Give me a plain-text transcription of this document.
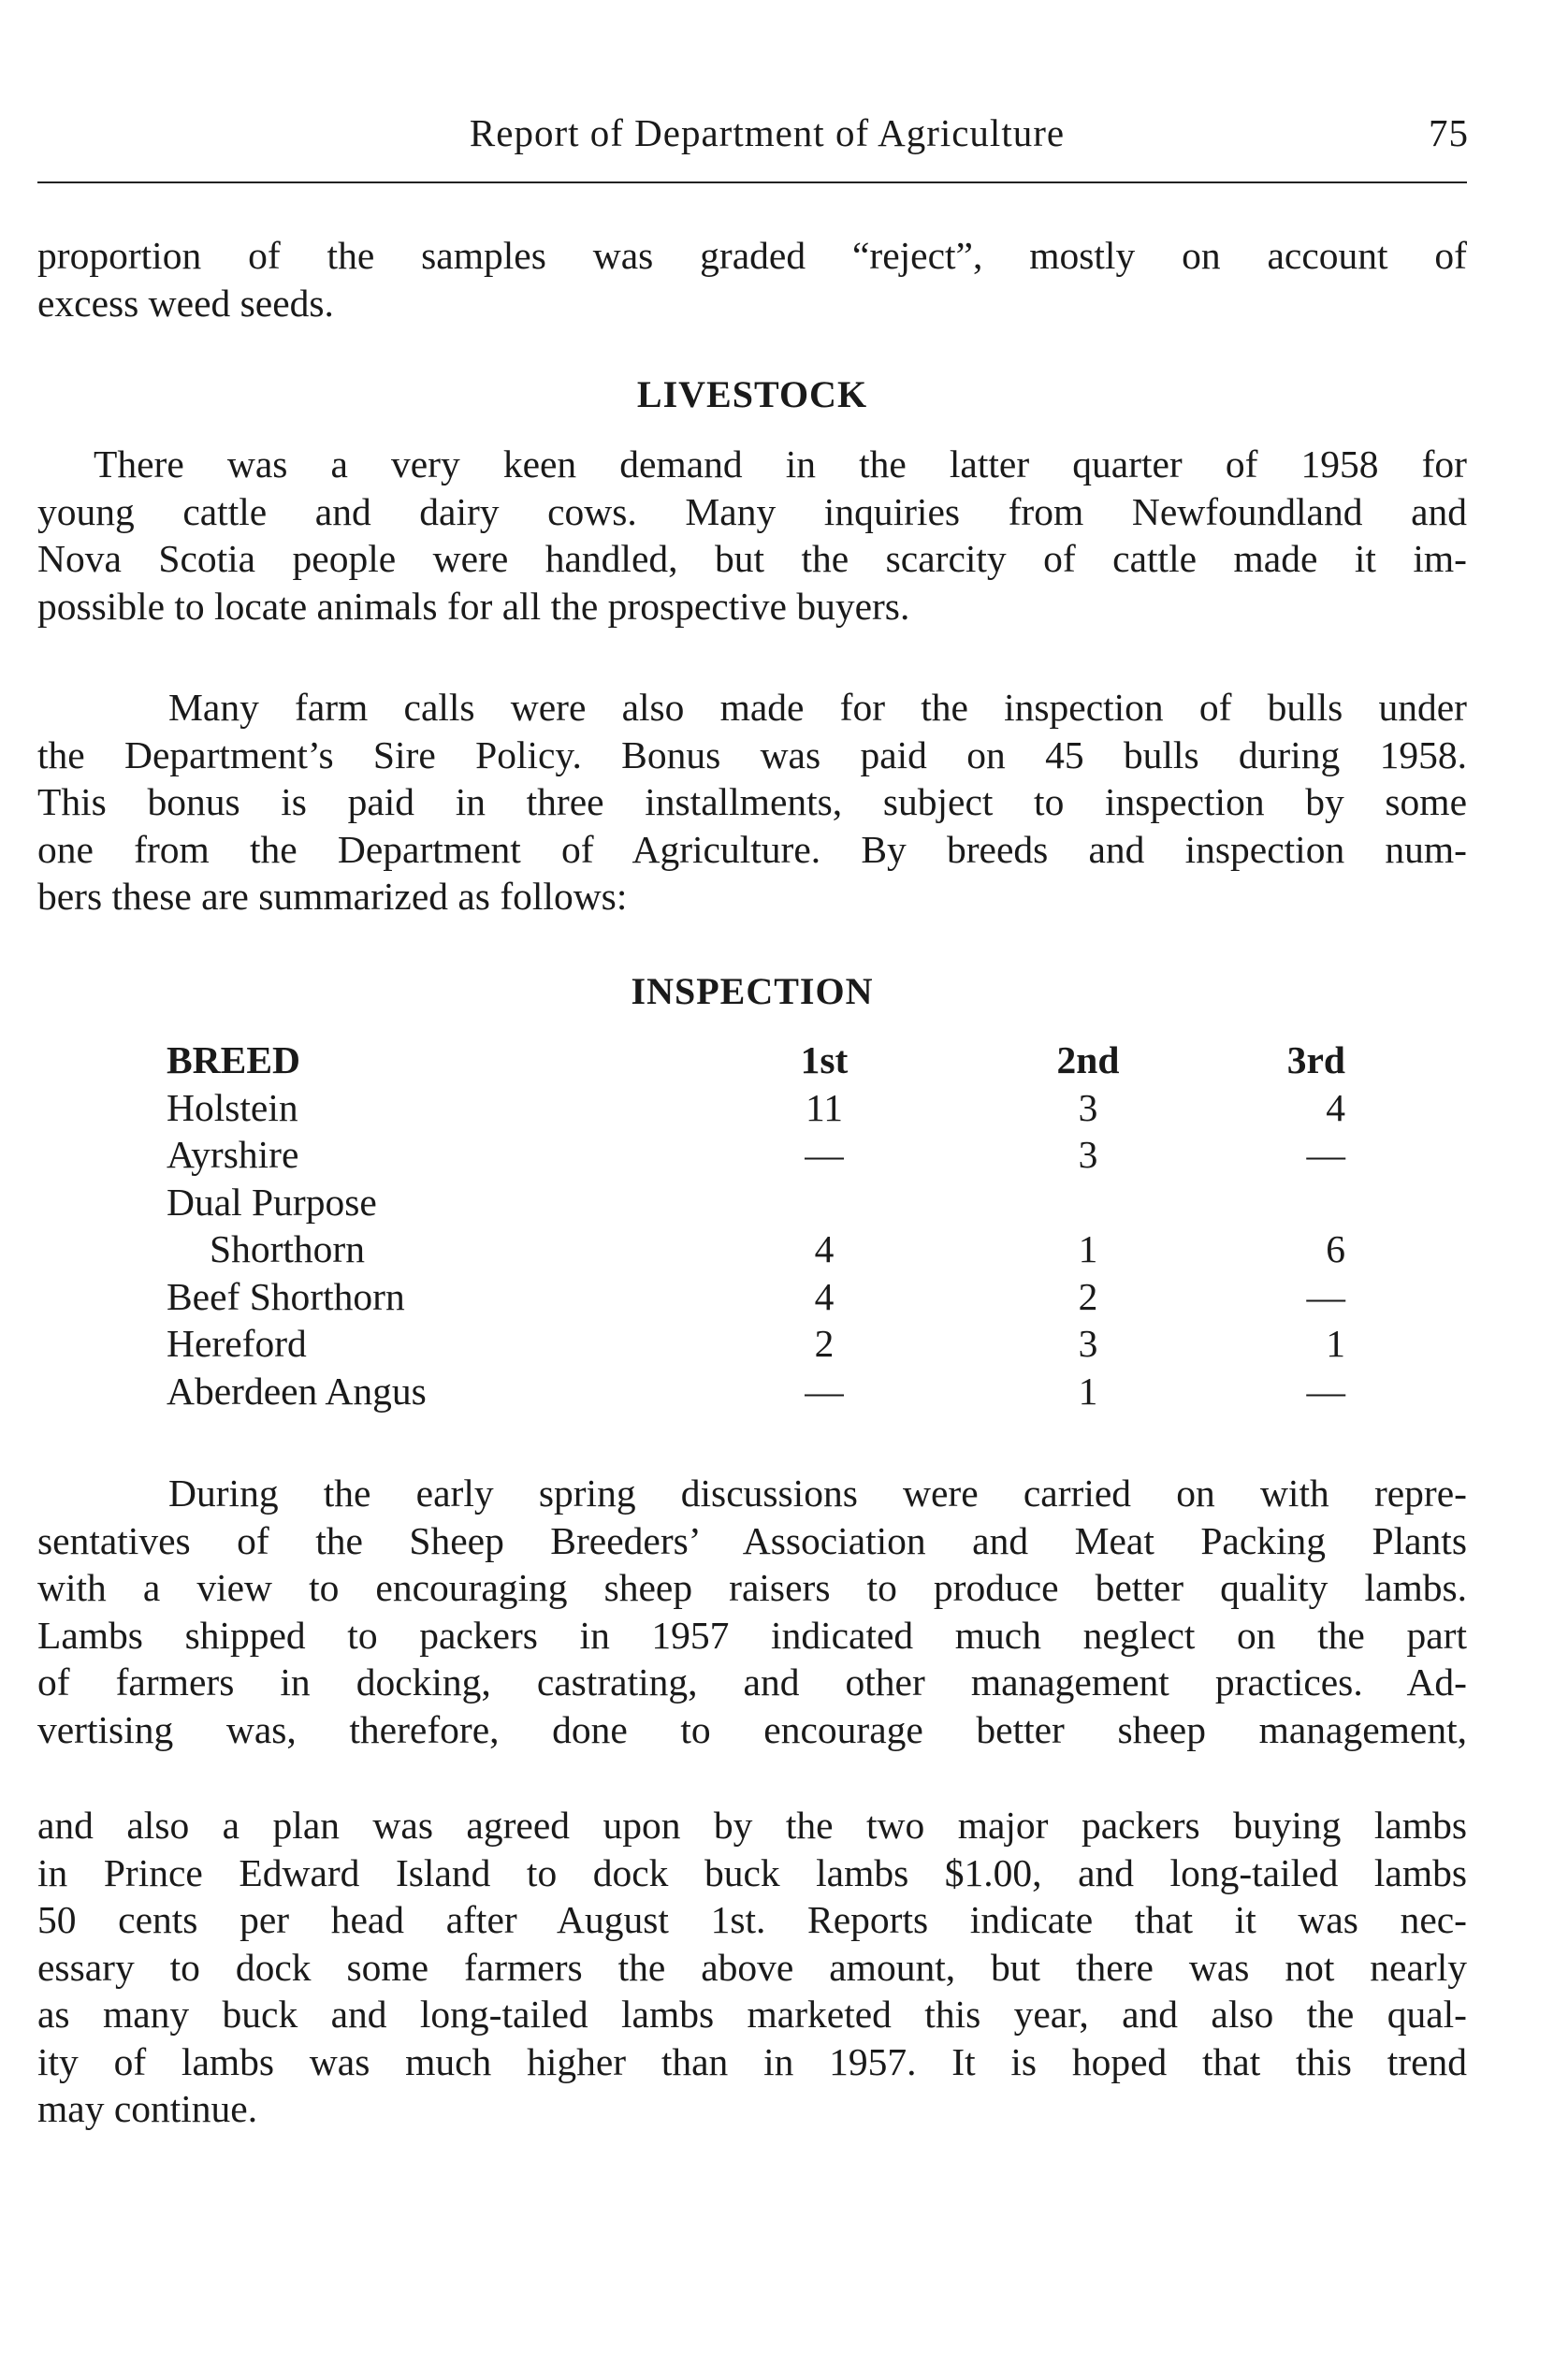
Report of Department of Agriculture	75
proportion of the samples was graded “reject”, mostly on account of
excess weed seeds.
LIVESTOCK
There was a very keen demand in the latter quarter of 1958 for
young cattle and dairy cows. Many inquiries from Newfoundland and
Nova Scotia people were handled, but the scarcity of cattle made it im-
possible to locate animals for all the prospective buyers.
Many farm calls were also made for the inspection of bulls under
the Department’s Sire Policy. Bonus was paid on 45 bulls during 1958.
This bonus is paid in three installments, subject to inspection by some
one from the Department of Agriculture. By breeds and inspection num-
bers these are summarized as follows:
INSPECTION
BREED	1st	2nd	3rd
Holstein	11	3	4
Ayrshire	—	3	—
Dual Purpose
Shorthorn	4	1	6
Beef Shorthorn	4	2	—
Hereford	2	3	1
Aberdeen Angus	—	1	—
During the early spring discussions were carried on with repre-
sentatives of the Sheep Breeders’ Association and Meat Packing Plants
with a view to encouraging sheep raisers to produce better quality lambs.
Lambs shipped to packers in 1957 indicated much neglect on the part
of farmers in docking, castrating, and other management practices. Ad-
vertising was, therefore, done to encourage better sheep management,
and also a plan was agreed upon by the two major packers buying lambs
in Prince Edward Island to dock buck lambs $1.00, and long-tailed lambs
50 cents per head after August 1st. Reports indicate that it was nec-
essary to dock some farmers the above amount, but there was not nearly
as many buck and long-tailed lambs marketed this year, and also the qual-
ity of lambs was much higher than in 1957. It is hoped that this trend
may continue.
